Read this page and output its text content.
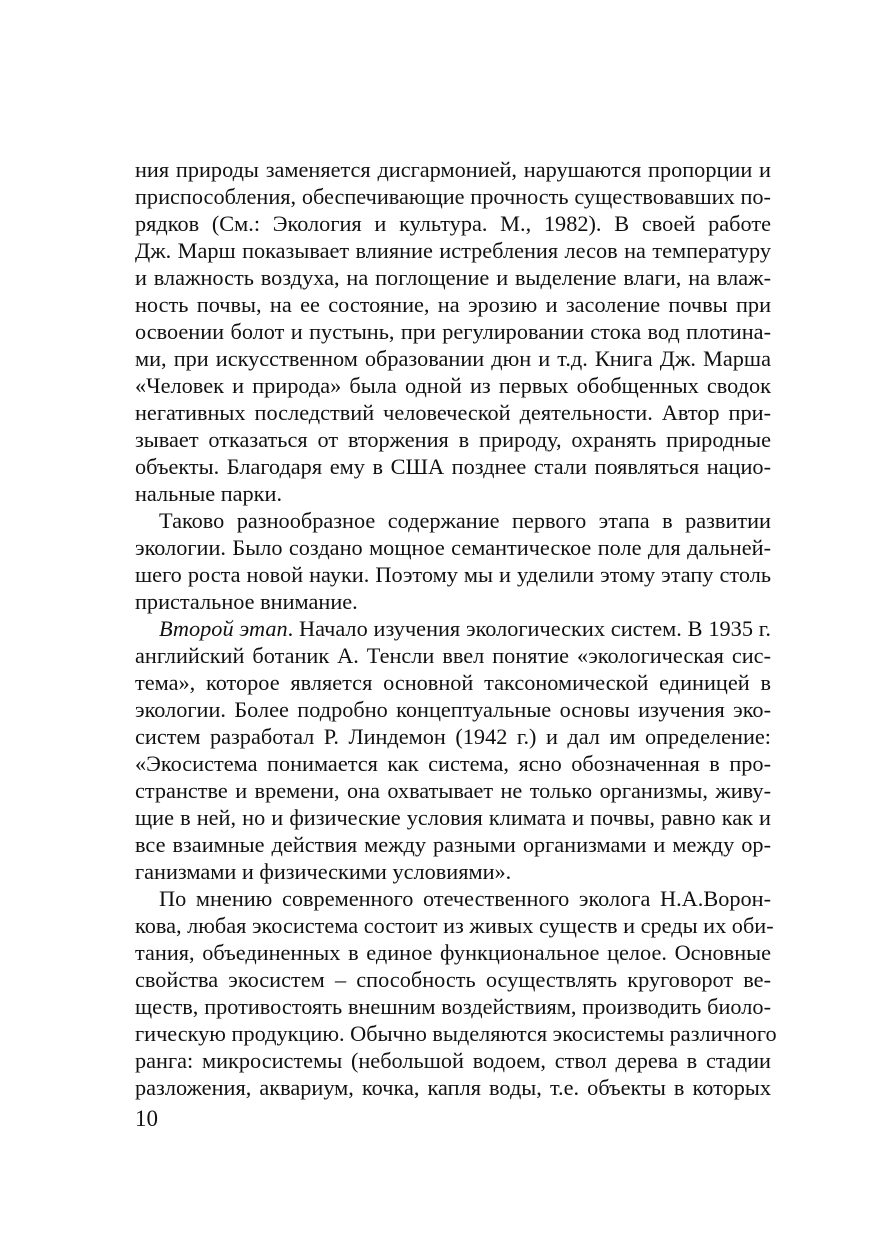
ния природы заменяется дисгармонией, нарушаются пропорции и
приспособления, обеспечивающие прочность существовавших по-
рядков (См.: Экология и культура. М., 1982). В своей работе
Дж. Марш показывает влияние истребления лесов на температуру
и влажность воздуха, на поглощение и выделение влаги, на влаж-
ность почвы, на ее состояние, на эрозию и засоление почвы при
освоении болот и пустынь, при регулировании стока вод плотина-
ми, при искусственном образовании дюн и т.д. Книга Дж. Марша
«Человек и природа» была одной из первых обобщенных сводок
негативных последствий человеческой деятельности. Автор при-
зывает отказаться от вторжения в природу, охранять природные
объекты. Благодаря ему в США позднее стали появляться нацио-
нальные парки.
Таково разнообразное содержание первого этапа в развитии
экологии. Было создано мощное семантическое поле для дальней-
шего роста новой науки. Поэтому мы и уделили этому этапу столь
пристальное внимание.
Второй этап. Начало изучения экологических систем. В 1935 г.
английский ботаник А. Тенсли ввел понятие «экологическая сис-
тема», которое является основной таксономической единицей в
экологии. Более подробно концептуальные основы изучения эко-
систем разработал Р. Линдемон (1942 г.) и дал им определение:
«Экосистема понимается как система, ясно обозначенная в про-
странстве и времени, она охватывает не только организмы, живу-
щие в ней, но и физические условия климата и почвы, равно как и
все взаимные действия между разными организмами и между ор-
ганизмами и физическими условиями».
По мнению современного отечественного эколога Н.А.Ворон-
кова, любая экосистема состоит из живых существ и среды их оби-
тания, объединенных в единое функциональное целое. Основные
свойства экосистем – способность осуществлять круговорот ве-
ществ, противостоять внешним воздействиям, производить биоло-
гическую продукцию. Обычно выделяются экосистемы различного
ранга: микросистемы (небольшой водоем, ствол дерева в стадии
разложения, аквариум, кочка, капля воды, т.е. объекты в которых
10
